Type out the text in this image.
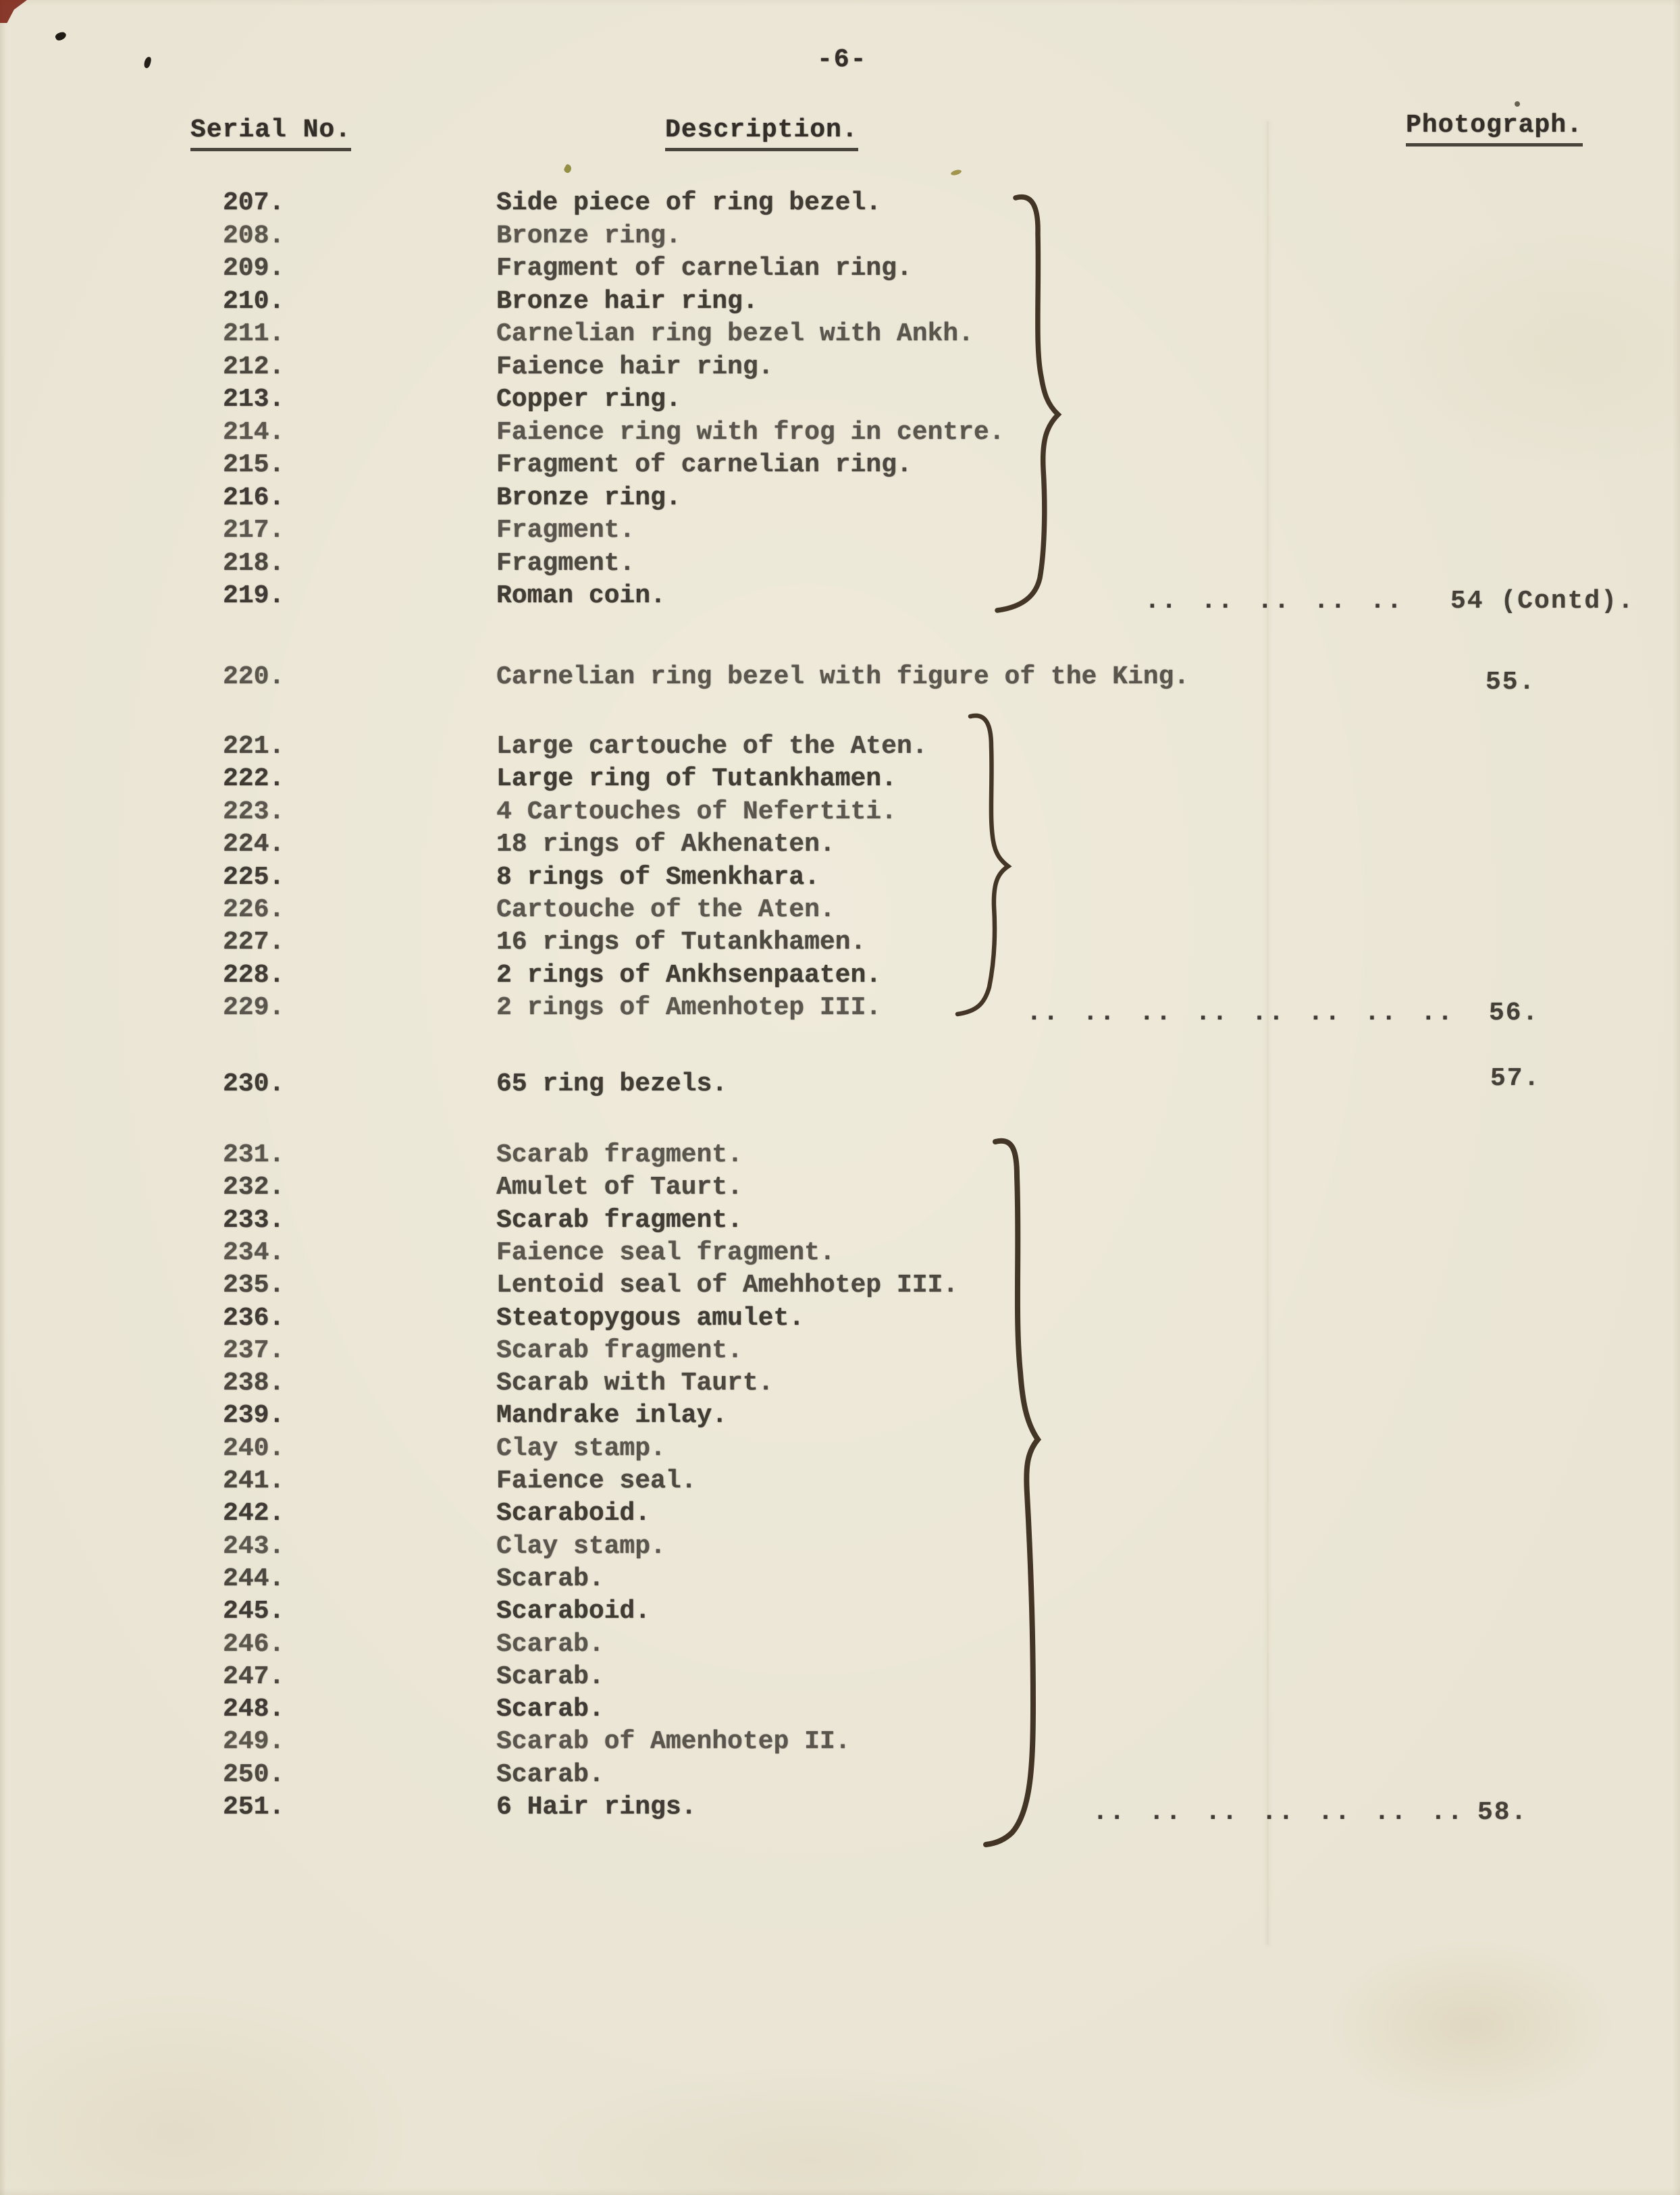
-6-
Serial No.	Description.	Photograph.
207.	Side piece of ring bezel.
208.	Bronze ring.
209.	Fragment of carnelian ring.
210.	Bronze hair ring.
211.	Carnelian ring bezel with Ankh.
212.	Faience hair ring.
213.	Copper ring.
214.	Faience ring with frog in centre.
215.	Fragment of carnelian ring.
216.	Bronze ring.
217.	Fragment.
218.	Fragment.
219.	Roman coin.	.. .. .. .. .. 54 (Contd).
220.	Carnelian ring bezel with figure of the King.	55.
221.	Large cartouche of the Aten.
222.	Large ring of Tutankhamen.
223.	4 Cartouches of Nefertiti.
224.	18 rings of Akhenaten.
225.	8 rings of Smenkhara.
226.	Cartouche of the Aten.
227.	16 rings of Tutankhamen.
228.	2 rings of Ankhsenpaaten.
229.	2 rings of Amenhotep III.	.. .. .. .. .. .. .. .. 56.
230.	65 ring bezels.	57.
231.	Scarab fragment.
232.	Amulet of Taurt.
233.	Scarab fragment.
234.	Faience seal fragment.
235.	Lentoid seal of Amehhotep III.
236.	Steatopygous amulet.
237.	Scarab fragment.
238.	Scarab with Taurt.
239.	Mandrake inlay.
240.	Clay stamp.
241.	Faience seal.
242.	Scaraboid.
243.	Clay stamp.
244.	Scarab.
245.	Scaraboid.
246.	Scarab.
247.	Scarab.
248.	Scarab.
249.	Scarab of Amenhotep II.
250.	Scarab.
251.	6 Hair rings.	.. .. .. .. .. .. .. 58.
